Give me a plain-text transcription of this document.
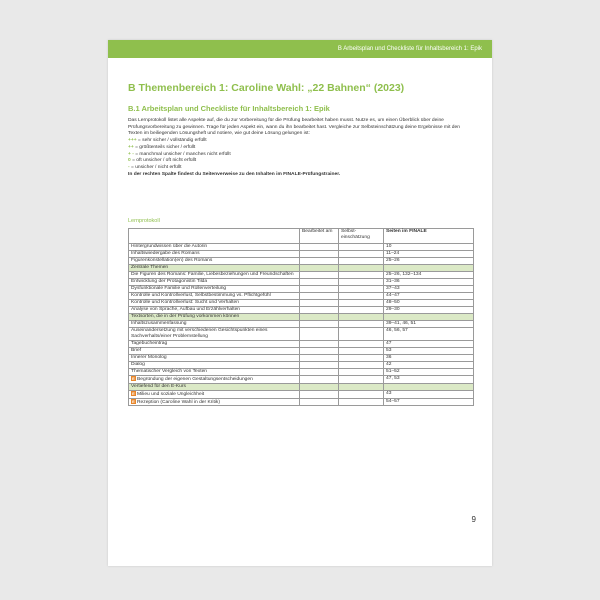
B Arbeitsplan und Checkliste für Inhaltsbereich 1: Epik
B Themenbereich 1: Caroline Wahl: „22 Bahnen“ (2023)
B.1 Arbeitsplan und Checkliste für Inhaltsbereich 1: Epik

Das Lernprotokoll listet alle Aspekte auf, die du zur Vorbereitung für die Prüfung bearbeitet haben musst. Nutze es, um einen Überblick über deine Prüfungsvorbereitung zu gewinnen. Trage für jeden Aspekt ein, wann du ihn bearbeitet hast. Vergleiche zur Selbsteinschätzung deine Ergebnisse mit den Texten im beiliegenden Lösungsheft und notiere, wie gut deine Lösung gelungen ist:

+++ = sehr sicher / vollständig erfüllt
++ = größtenteils sicher / erfüllt
+ - = manchmal unsicher / manches nicht erfüllt
0 = oft unsicher / oft nicht erfüllt
- = unsicher / nicht erfüllt

In der rechten Spalte findest du Seitenverweise zu den Inhalten im FINALE-Prüfungstrainer.

Lernprotokoll
	Bearbeitet am	Selbst-einschätzung	Seiten im FINALE
Hintergrundwissen über die Autorin			10
Inhaltswiedergabe des Romans			11–24
Figurenkonstellation(en) des Romans			25–26
Zentrale Themen			
Die Figuren des Romans: Familie, Liebesbeziehungen und Freundschaften			25–26, 132–134
Entwicklung der Protagonistin Tilda			31–36
Dysfunktionale Familie und Rollenverteilung			37–43
Kontrolle und Kontrollverlust, Selbstbestimmung vs. Pflichtgefühl			44–47
Kontrolle und Kontrollverlust: Sucht und Verhalten			48–50
Analyse von Sprache, Aufbau und Erzählverhalten			29–30
Textsorten, die in der Prüfung vorkommen können			
Inhaltszusammenfassung			39–41, 46, 51
Auseinandersetzung mit verschiedenen Gesichtspunkten eines Sachverhalts/einer Problemstellung			46, 56, 57
Tagebucheintrag			47
Brief			53
Innerer Monolog			36
Dialog			42
Thematischer Vergleich von Texten			51–52
E Begründung der eigenen Gestaltungsentscheidungen			47, 53
Vertiefend für den E-Kurs			
E Milieu und soziale Ungleichheit			43
E Rezeption (Caroline Wahl in der Kritik)			54–57
9
